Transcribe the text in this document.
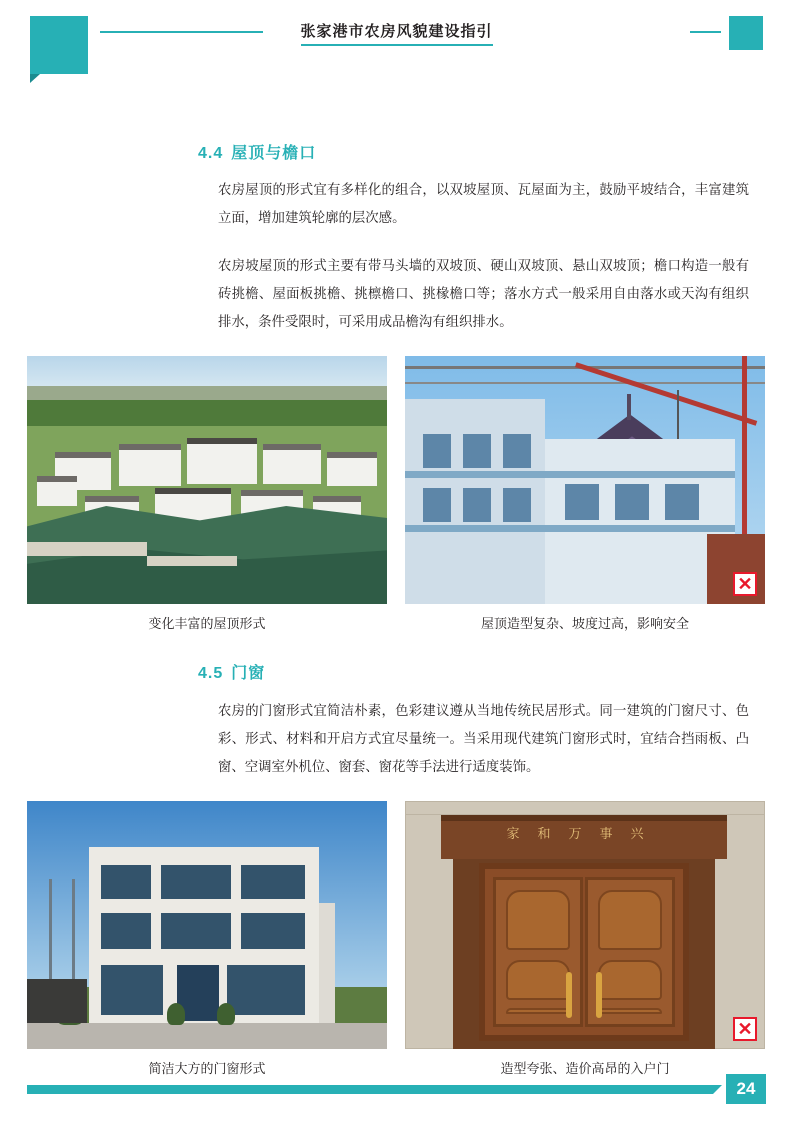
张家港市农房风貌建设指引
4.4 屋顶与檐口

农房屋顶的形式宜有多样化的组合，以双坡屋顶、瓦屋面为主，鼓励平坡结合，丰富建筑立面，增加建筑轮廓的层次感。

农房坡屋顶的形式主要有带马头墙的双坡顶、硬山双坡顶、悬山双坡顶；檐口构造一般有砖挑檐、屋面板挑檐、挑檩檐口、挑椽檐口等；落水方式一般采用自由落水或天沟有组织排水，条件受限时，可采用成品檐沟有组织排水。

变化丰富的屋顶形式
✕
屋顶造型复杂、坡度过高，影响安全
4.5 门窗

农房的门窗形式宜简洁朴素，色彩建议遵从当地传统民居形式。同一建筑的门窗尺寸、色彩、形式、材料和开启方式宜尽量统一。当采用现代建筑门窗形式时，宜结合挡雨板、凸窗、空调室外机位、窗套、窗花等手法进行适度装饰。

简洁大方的门窗形式
家和万事兴
✕
造型夸张、造价高昂的入户门
24
